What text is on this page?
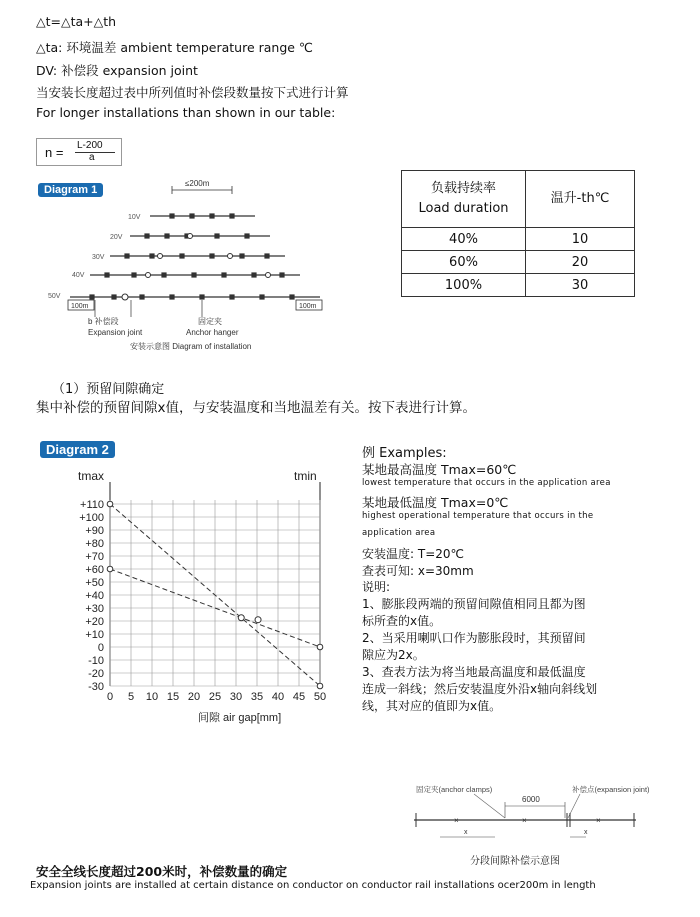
△t=△ta+△th
△ta: 环境温差 ambient temperature range ℃
DV: 补偿段 expansion joint
当安装长度超过表中所列值时补偿段数量按下式进行计算
For longer installations than shown in our table:
n = L-200
a
Diagram 1
≤200m
10V
20V
30V
40V
50V
100m	100m
b 补偿段
Expansion joint
固定夹
Anchor hanger
安装示意图 Diagram of installation
负载持续率
Load duration	温升-th℃
40%	10
60%	20
100%	30
（1）预留间隙确定
集中补偿的预留间隙x值，与安装温度和当地温差有关。按下表进行计算。
Diagram 2
tmax	tmin
+110
+100
+90
+80
+70
+60
+50
+40
+30
+20
+10
0
-10
-20
-30
0 5 10 15 20 25 30 35 40 45 50
间隙 air gap[mm]
例 Examples:
某地最高温度 Tmax=60℃
lowest temperature that occurs in the application area
某地最低温度 Tmax=0℃
highest operational temperature that occurs in the
application area
安装温度: T=20℃
查表可知: x=30mm
说明:
1、膨胀段两端的预留间隙值相同且都为图
标所查的x值。
2、当采用喇叭口作为膨胀段时，其预留间
隙应为2x。
3、查表方法为将当地最高温度和最低温度
连成一斜线；然后安装温度外沿x轴向斜线划
线，其对应的值即为x值。
固定夹(anchor clamps)	补偿点(expansion joint)
6000
×	×	×
x	x
分段间隙补偿示意图
安全全线长度超过200米时，补偿数量的确定
Expansion joints are installed at certain distance on conductor on conductor rail installations ocer200m in length
